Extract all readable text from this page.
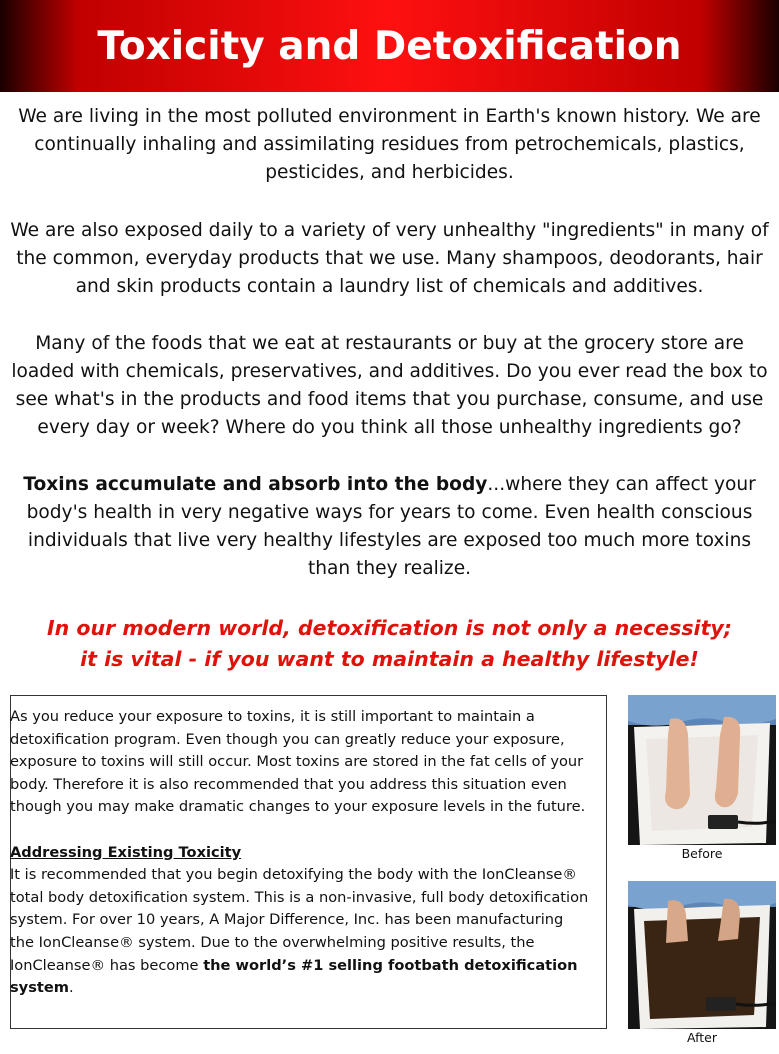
Toxicity and Detoxification

We are living in the most polluted environment in Earth's known history. We are continually inhaling and assimilating residues from petrochemicals, plastics, pesticides, and herbicides.

We are also exposed daily to a variety of very unhealthy "ingredients" in many of the common, everyday products that we use. Many shampoos, deodorants, hair and skin products contain a laundry list of chemicals and additives.

Many of the foods that we eat at restaurants or buy at the grocery store are loaded with chemicals, preservatives, and additives. Do you ever read the box to see what's in the products and food items that you purchase, consume, and use every day or week? Where do you think all those unhealthy ingredients go?

Toxins accumulate and absorb into the body...where they can affect your body's health in very negative ways for years to come. Even health conscious individuals that live very healthy lifestyles are exposed too much more toxins than they realize.

In our modern world, detoxification is not only a necessity;

it is vital - if you want to maintain a healthy lifestyle!

As you reduce your exposure to toxins, it is still important to maintain a detoxification program. Even though you can greatly reduce your exposure, exposure to toxins will still occur. Most toxins are stored in the fat cells of your body. Therefore it is also recommended that you address this situation even though you may make dramatic changes to your exposure levels in the future.

Addressing Existing Toxicity

It is recommended that you begin detoxifying the body with the IonCleanse® total body detoxification system. This is a non-invasive, full body detoxification system. For over 10 years, A Major Difference, Inc. has been manufacturing the IonCleanse® system. Due to the overwhelming positive results, the IonCleanse® has become the world’s #1 selling footbath detoxification system.

Before

After
